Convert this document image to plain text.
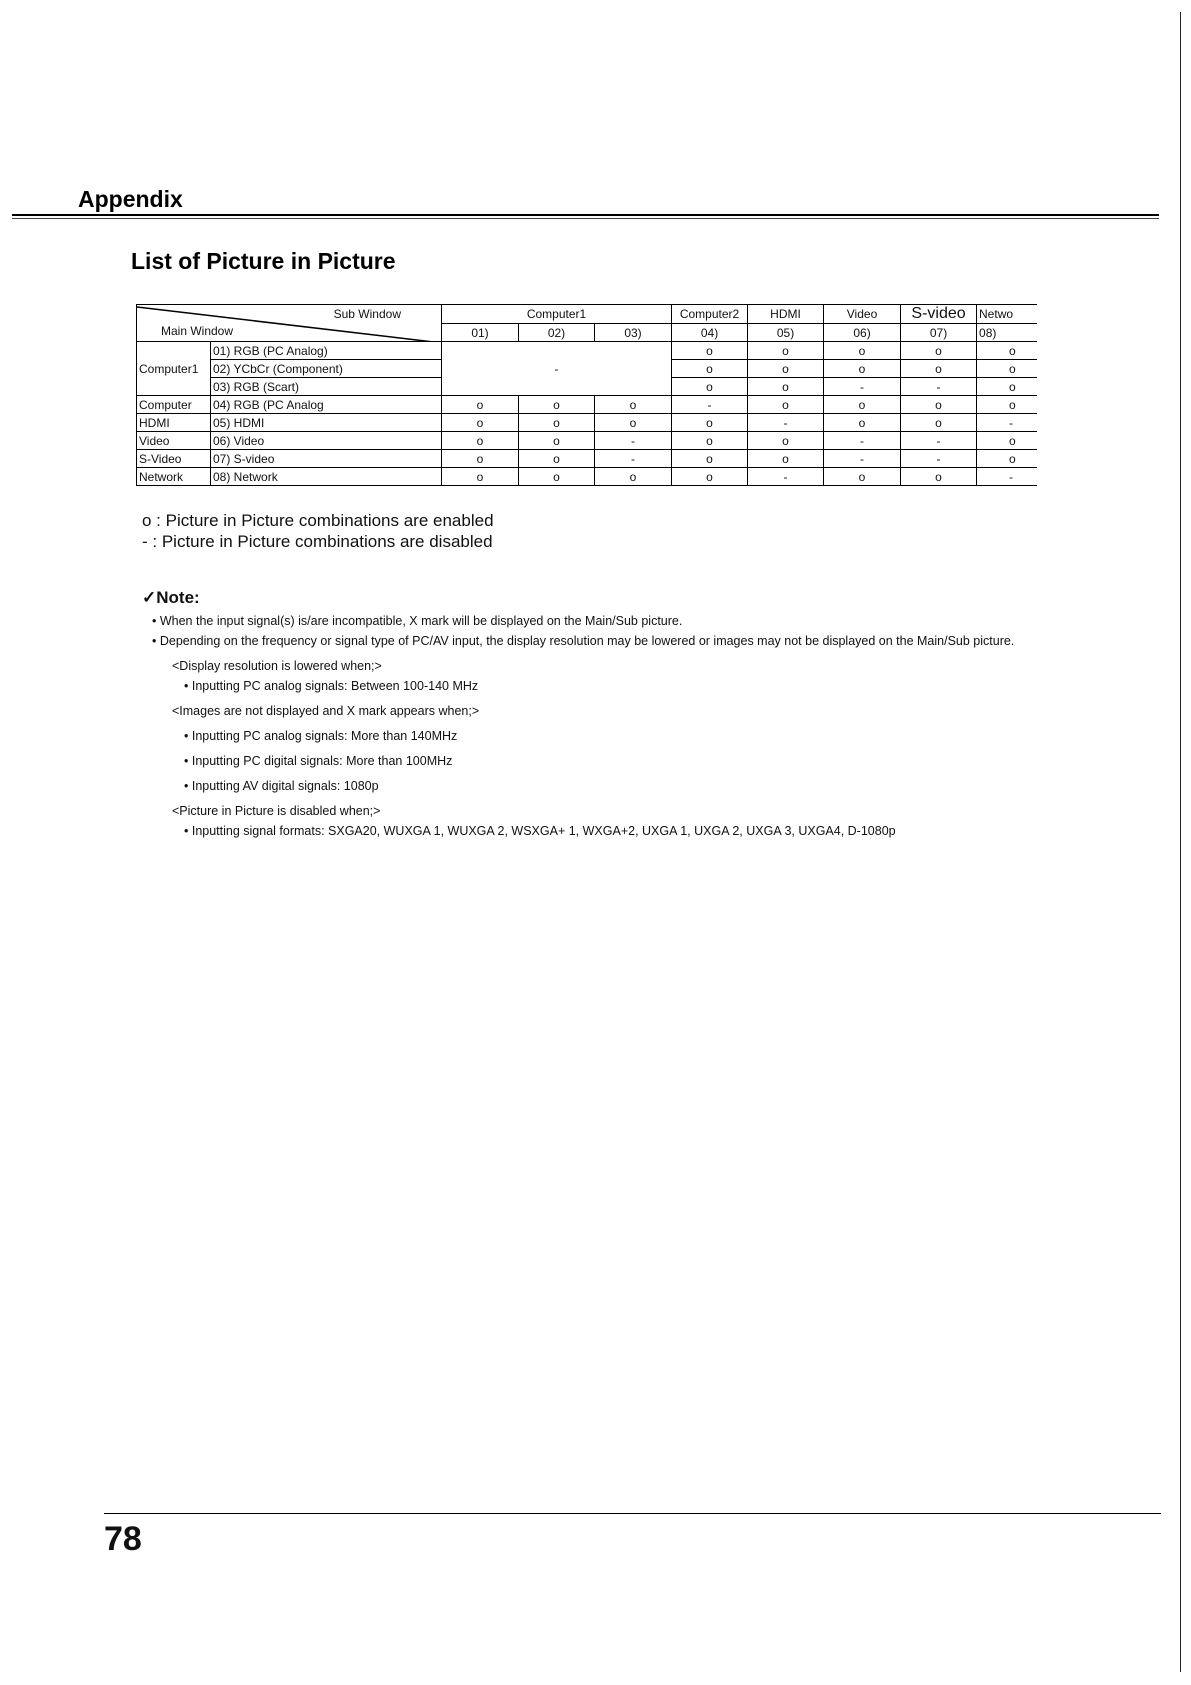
Appendix
List of Picture in Picture
Sub Window
Main Window		Computer1			Computer2	HDMI	Video	S-video	Netwo
		01)	02)	03)	04)	05)	06)	07)	08)
Computer1	01) RGB (PC Analog)	-			o	o	o	o	o
	02) YCbCr (Component)				o	o	o	o	o
	03) RGB (Scart)				o	o	-	-	o
Computer	04) RGB (PC Analog	o	o	o	-	o	o	o	o
HDMI	05) HDMI	o	o	o	o	-	o	o	-
Video	06) Video	o	o	-	o	o	-	-	o
S-Video	07) S-video	o	o	-	o	o	-	-	o
Network	08) Network	o	o	o	o	-	o	o	-
o : Picture in Picture combinations are enabled
- : Picture in Picture combinations are disabled
✓Note:

• When the input signal(s) is/are incompatible, X mark will be displayed on the Main/Sub picture.

• Depending on the frequency or signal type of PC/AV input, the display resolution may be lowered or images may not be displayed on the Main/Sub picture.

<Display resolution is lowered when;>

• Inputting PC analog signals: Between 100-140 MHz

<Images are not displayed and X mark appears when;>

• Inputting PC analog signals: More than 140MHz

• Inputting PC digital signals: More than 100MHz

• Inputting AV digital signals: 1080p

<Picture in Picture is disabled when;>

• Inputting signal formats: SXGA20, WUXGA 1, WUXGA 2, WSXGA+ 1, WXGA+2, UXGA 1, UXGA 2, UXGA 3, UXGA4, D-1080p

78
